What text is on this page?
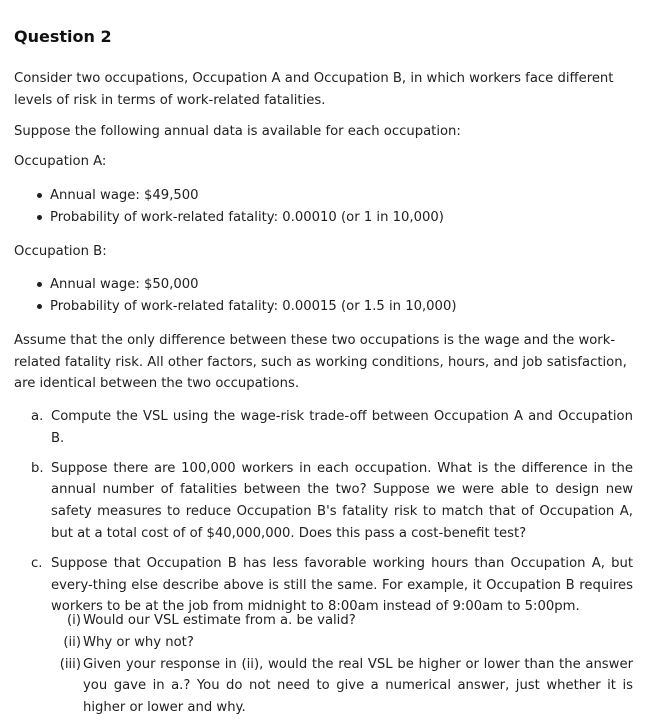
Question 2

Consider two occupations, Occupation A and Occupation B, in which workers face different levels of risk in terms of work-related fatalities.

Suppose the following annual data is available for each occupation:

Occupation A:

Annual wage: $49,500
Probability of work-related fatality: 0.00010 (or 1 in 10,000)

Occupation B:

Annual wage: $50,000
Probability of work-related fatality: 0.00015 (or 1.5 in 10,000)

Assume that the only difference between these two occupations is the wage and the work-related fatality risk. All other factors, such as working conditions, hours, and job satisfaction, are identical between the two occupations.

a. Compute the VSL using the wage-risk trade-off between Occupation A and Occupation B.
b. Suppose there are 100,000 workers in each occupation. What is the difference in the annual number of fatalities between the two? Suppose we were able to design new safety measures to reduce Occupation B's fatality risk to match that of Occupation A, but at a total cost of of $40,000,000. Does this pass a cost-benefit test?
c. Suppose that Occupation B has less favorable working hours than Occupation A, but every-thing else describe above is still the same. For example, it Occupation B requires workers to be at the job from midnight to 8:00am instead of 9:00am to 5:00pm.
(i) Would our VSL estimate from a. be valid?
(ii) Why or why not?
(iii) Given your response in (ii), would the real VSL be higher or lower than the answer you gave in a.? You do not need to give a numerical answer, just whether it is higher or lower and why.
